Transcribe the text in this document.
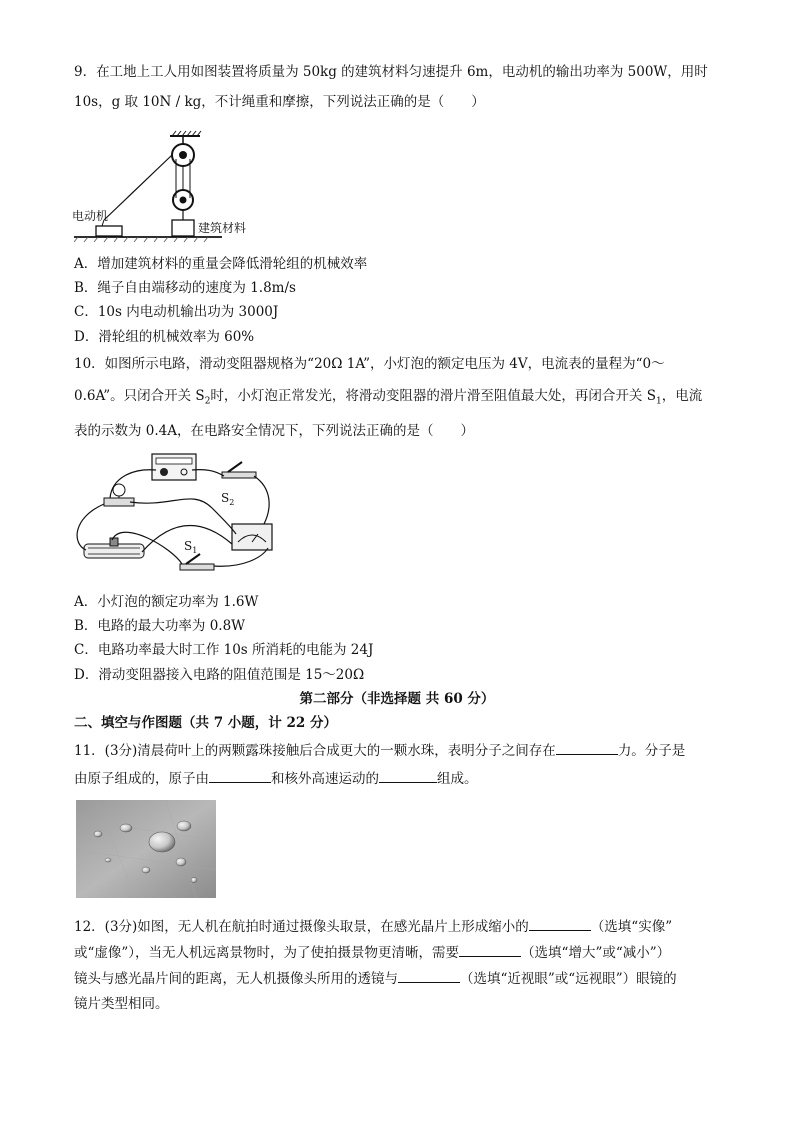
9．在工地上工人用如图装置将质量为 50kg 的建筑材料匀速提升 6m，电动机的输出功率为 500W，用时
10s，g 取 10N / kg，不计绳重和摩擦，下列说法正确的是（　　）
电动机
建筑材料
A．增加建筑材料的重量会降低滑轮组的机械效率
B．绳子自由端移动的速度为 1.8m/s
C．10s 内电动机输出功为 3000J
D．滑轮组的机械效率为 60%
10．如图所示电路，滑动变阻器规格为“20Ω 1A”，小灯泡的额定电压为 4V，电流表的量程为“0～
0.6A”。只闭合开关 $S_2$时，小灯泡正常发光，将滑动变阻器的滑片滑至阻值最大处，再闭合开关 $S_1$，电流
表的示数为 0.4A，在电路安全情况下，下列说法正确的是（　　）
$S_2$
$S_1$
A．小灯泡的额定功率为 1.6W
B．电路的最大功率为 0.8W
C．电路功率最大时工作 10s 所消耗的电能为 24J
D．滑动变阻器接入电路的阻值范围是 15～20Ω
第二部分（非选择题 共 60 分）
二、填空与作图题（共 7 小题，计 22 分）
11．(3分)清晨荷叶上的两颗露珠接触后合成更大的一颗水珠，表明分子之间存在	力。分子是
由原子组成的，原子由	和核外高速运动的	组成。
12．(3分)如图，无人机在航拍时通过摄像头取景，在感光晶片上形成缩小的	（选填“实像”
或“虚像”），当无人机远离景物时，为了使拍摄景物更清晰，需要	（选填“增大”或“减小”）
镜头与感光晶片间的距离，无人机摄像头所用的透镜与	（选填“近视眼”或“远视眼”）眼镜的
镜片类型相同。
